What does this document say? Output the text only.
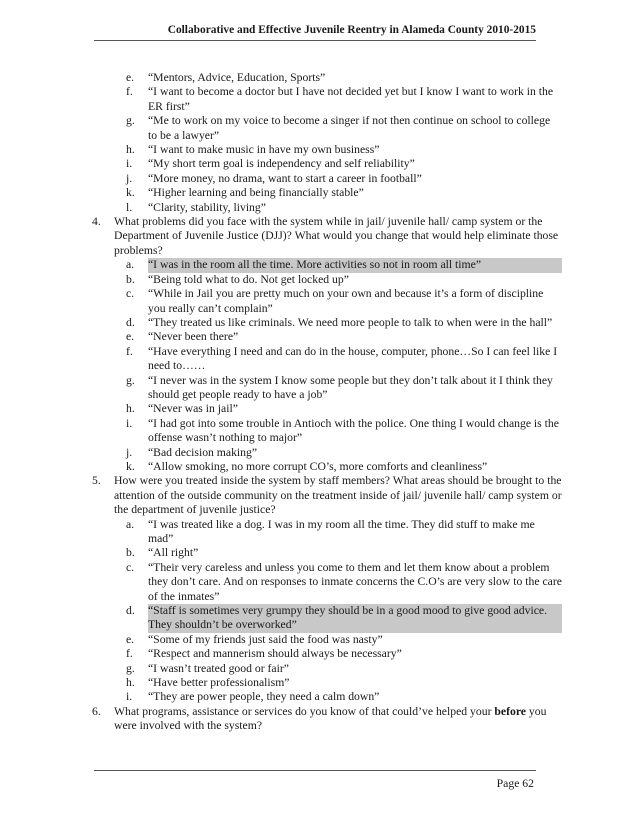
Collaborative and Effective Juvenile Reentry in Alameda County 2010-2015
e.	“Mentors, Advice, Education, Sports”
f.	“I want to become a doctor but I have not decided yet but I know I want to work in the ER first”
g.	“Me to work on my voice to become a singer if not then continue on school to college to be a lawyer”
h.	“I want to make music in have my own business”
i.	“My short term goal is independency and self reliability”
j.	“More money, no drama, want to start a career in football”
k.	“Higher learning and being financially stable”
l.	“Clarity, stability, living”
4.	What problems did you face with the system while in jail/ juvenile hall/ camp system or the Department of Juvenile Justice (DJJ)? What would you change that would help eliminate those problems?
a.	“I was in the room all the time. More activities so not in room all time”
b.	“Being told what to do. Not get locked up”
c.	“While in Jail you are pretty much on your own and because it’s a form of discipline you really can’t complain”
d.	“They treated us like criminals. We need more people to talk to when were in the hall”
e.	“Never been there”
f.	“Have everything I need and can do in the house, computer, phone…So I can feel like I need to……
g.	“I never was in the system I know some people but they don’t talk about it I think they should get people ready to have a job”
h.	“Never was in jail”
i.	“I had got into some trouble in Antioch with the police. One thing I would change is the offense wasn’t nothing to major”
j.	“Bad decision making”
k.	“Allow smoking, no more corrupt CO’s, more comforts and cleanliness”
5.	How were you treated inside the system by staff members? What areas should be brought to the attention of the outside community on the treatment inside of jail/ juvenile hall/ camp system or the department of juvenile justice?
a.	“I was treated like a dog. I was in my room all the time. They did stuff to make me mad”
b.	“All right”
c.	“Their very careless and unless you come to them and let them know about a problem they don’t care. And on responses to inmate concerns the C.O’s are very slow to the care of the inmates”
d.	“Staff is sometimes very grumpy they should be in a good mood to give good advice. They shouldn’t be overworked”
e.	“Some of my friends just said the food was nasty”
f.	“Respect and mannerism should always be necessary”
g.	“I wasn’t treated good or fair”
h.	“Have better professionalism”
i.	“They are power people, they need a calm down”
6.	What programs, assistance or services do you know of that could’ve helped your before you were involved with the system?
Page 62
